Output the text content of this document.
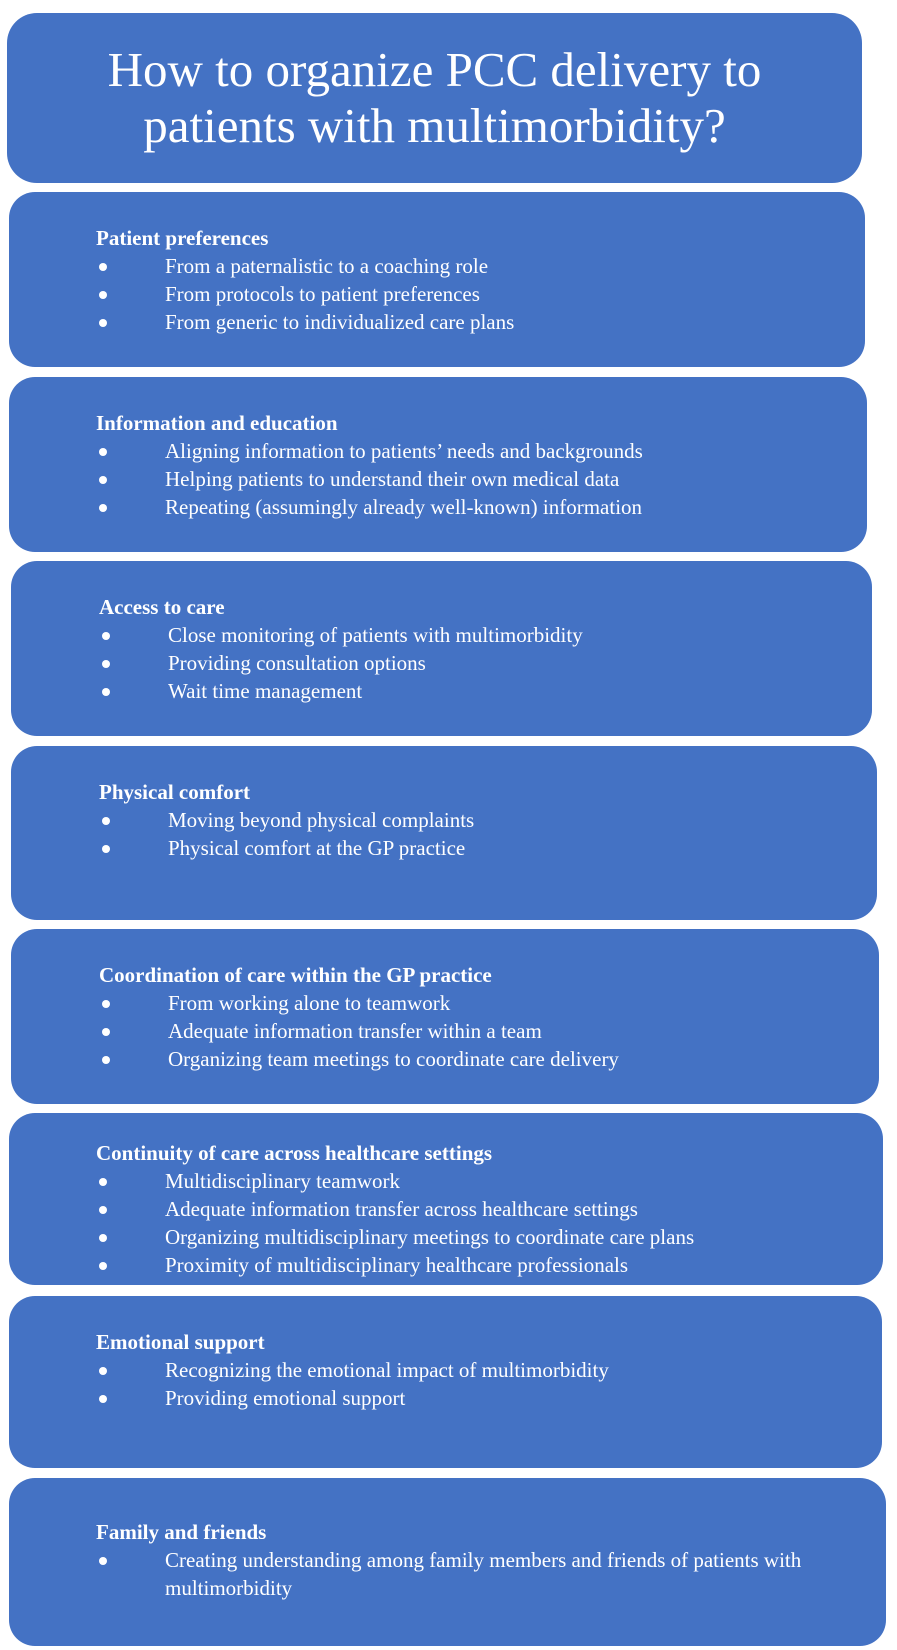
How to organize PCC delivery to patients with multimorbidity?
Patient preferences
From a paternalistic to a coaching role
From protocols to patient preferences
From generic to individualized care plans
Information and education
Aligning information to patients’ needs and backgrounds
Helping patients to understand their own medical data
Repeating (assumingly already well-known) information
Access to care
Close monitoring of patients with multimorbidity
Providing consultation options
Wait time management
Physical comfort
Moving beyond physical complaints
Physical comfort at the GP practice
Coordination of care within the GP practice
From working alone to teamwork
Adequate information transfer within a team
Organizing team meetings to coordinate care delivery
Continuity of care across healthcare settings
Multidisciplinary teamwork
Adequate information transfer across healthcare settings
Organizing multidisciplinary meetings to coordinate care plans
Proximity of multidisciplinary healthcare professionals
Emotional support
Recognizing the emotional impact of multimorbidity
Providing emotional support
Family and friends
Creating understanding among family members and friends of patients with multimorbidity
